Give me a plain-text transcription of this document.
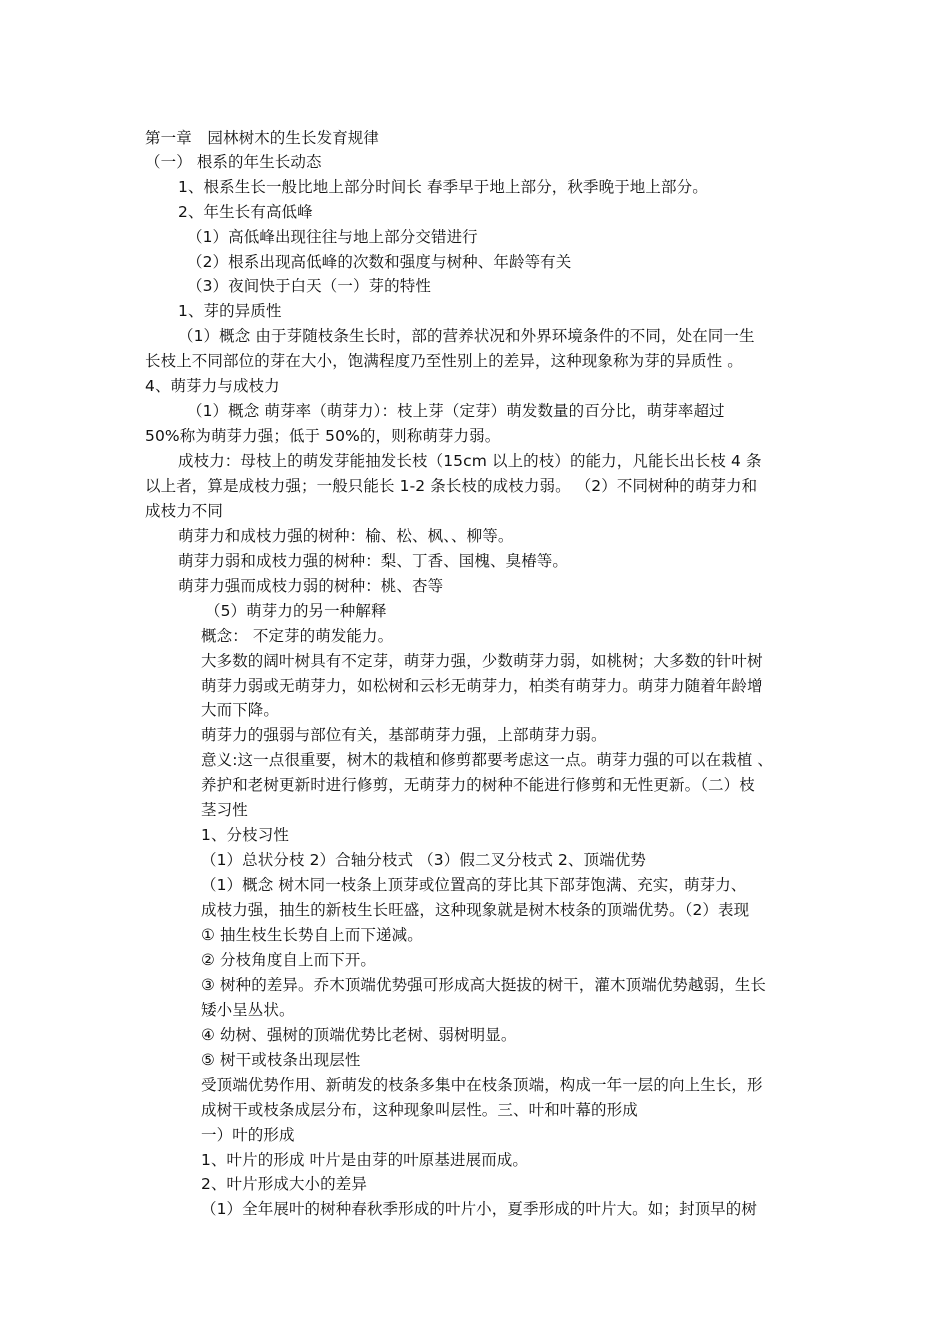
第一章　园林树木的生长发育规律
（一） 根系的年生长动态
1、根系生长一般比地上部分时间长 春季早于地上部分，秋季晚于地上部分。
2、年生长有高低峰
（1）高低峰出现往往与地上部分交错进行
（2）根系出现高低峰的次数和强度与树种、年龄等有关
（3）夜间快于白天（一）芽的特性
1、芽的异质性
（1）概念 由于芽随枝条生长时，部的营养状况和外界环境条件的不同，处在同一生
长枝上不同部位的芽在大小，饱满程度乃至性别上的差异，这种现象称为芽的异质性 。
4、萌芽力与成枝力
（1）概念 萌芽率（萌芽力）：枝上芽（定芽）萌发数量的百分比，萌芽率超过
50%称为萌芽力强；低于 50%的，则称萌芽力弱。
成枝力：母枝上的萌发芽能抽发长枝（15cm 以上的枝）的能力，凡能长出长枝 4 条
以上者，算是成枝力强；一般只能长 1-2 条长枝的成枝力弱。 （2）不同树种的萌芽力和
成枝力不同
萌芽力和成枝力强的树种：榆、松、枫、、柳等。
萌芽力弱和成枝力强的树种：梨、丁香、国槐、臭椿等。
萌芽力强而成枝力弱的树种：桃、杏等
（5）萌芽力的另一种解释
概念： 不定芽的萌发能力。
大多数的阔叶树具有不定芽，萌芽力强，少数萌芽力弱，如桃树；大多数的针叶树
萌芽力弱或无萌芽力，如松树和云杉无萌芽力，柏类有萌芽力。萌芽力随着年龄增
大而下降。
萌芽力的强弱与部位有关，基部萌芽力强，上部萌芽力弱。
意义:这一点很重要，树木的栽植和修剪都要考虑这一点。萌芽力强的可以在栽植 、
养护和老树更新时进行修剪，无萌芽力的树种不能进行修剪和无性更新。（二）枝
茎习性
1、分枝习性
（1）总状分枝 2）合轴分枝式 （3）假二叉分枝式 2、顶端优势
（1）概念 树木同一枝条上顶芽或位置高的芽比其下部芽饱满、充实，萌芽力、
成枝力强，抽生的新枝生长旺盛，这种现象就是树木枝条的顶端优势。（2）表现
① 抽生枝生长势自上而下递减。
② 分枝角度自上而下开。
③ 树种的差异。乔木顶端优势强可形成高大挺拔的树干，灌木顶端优势越弱，生长
矮小呈丛状。
④ 幼树、强树的顶端优势比老树、弱树明显。
⑤ 树干或枝条出现层性
受顶端优势作用、新萌发的枝条多集中在枝条顶端，构成一年一层的向上生长，形
成树干或枝条成层分布，这种现象叫层性。三、叶和叶幕的形成
一）叶的形成
1、叶片的形成 叶片是由芽的叶原基进展而成。
2、叶片形成大小的差异
（1）全年展叶的树种春秋季形成的叶片小，夏季形成的叶片大。如；封顶早的树
